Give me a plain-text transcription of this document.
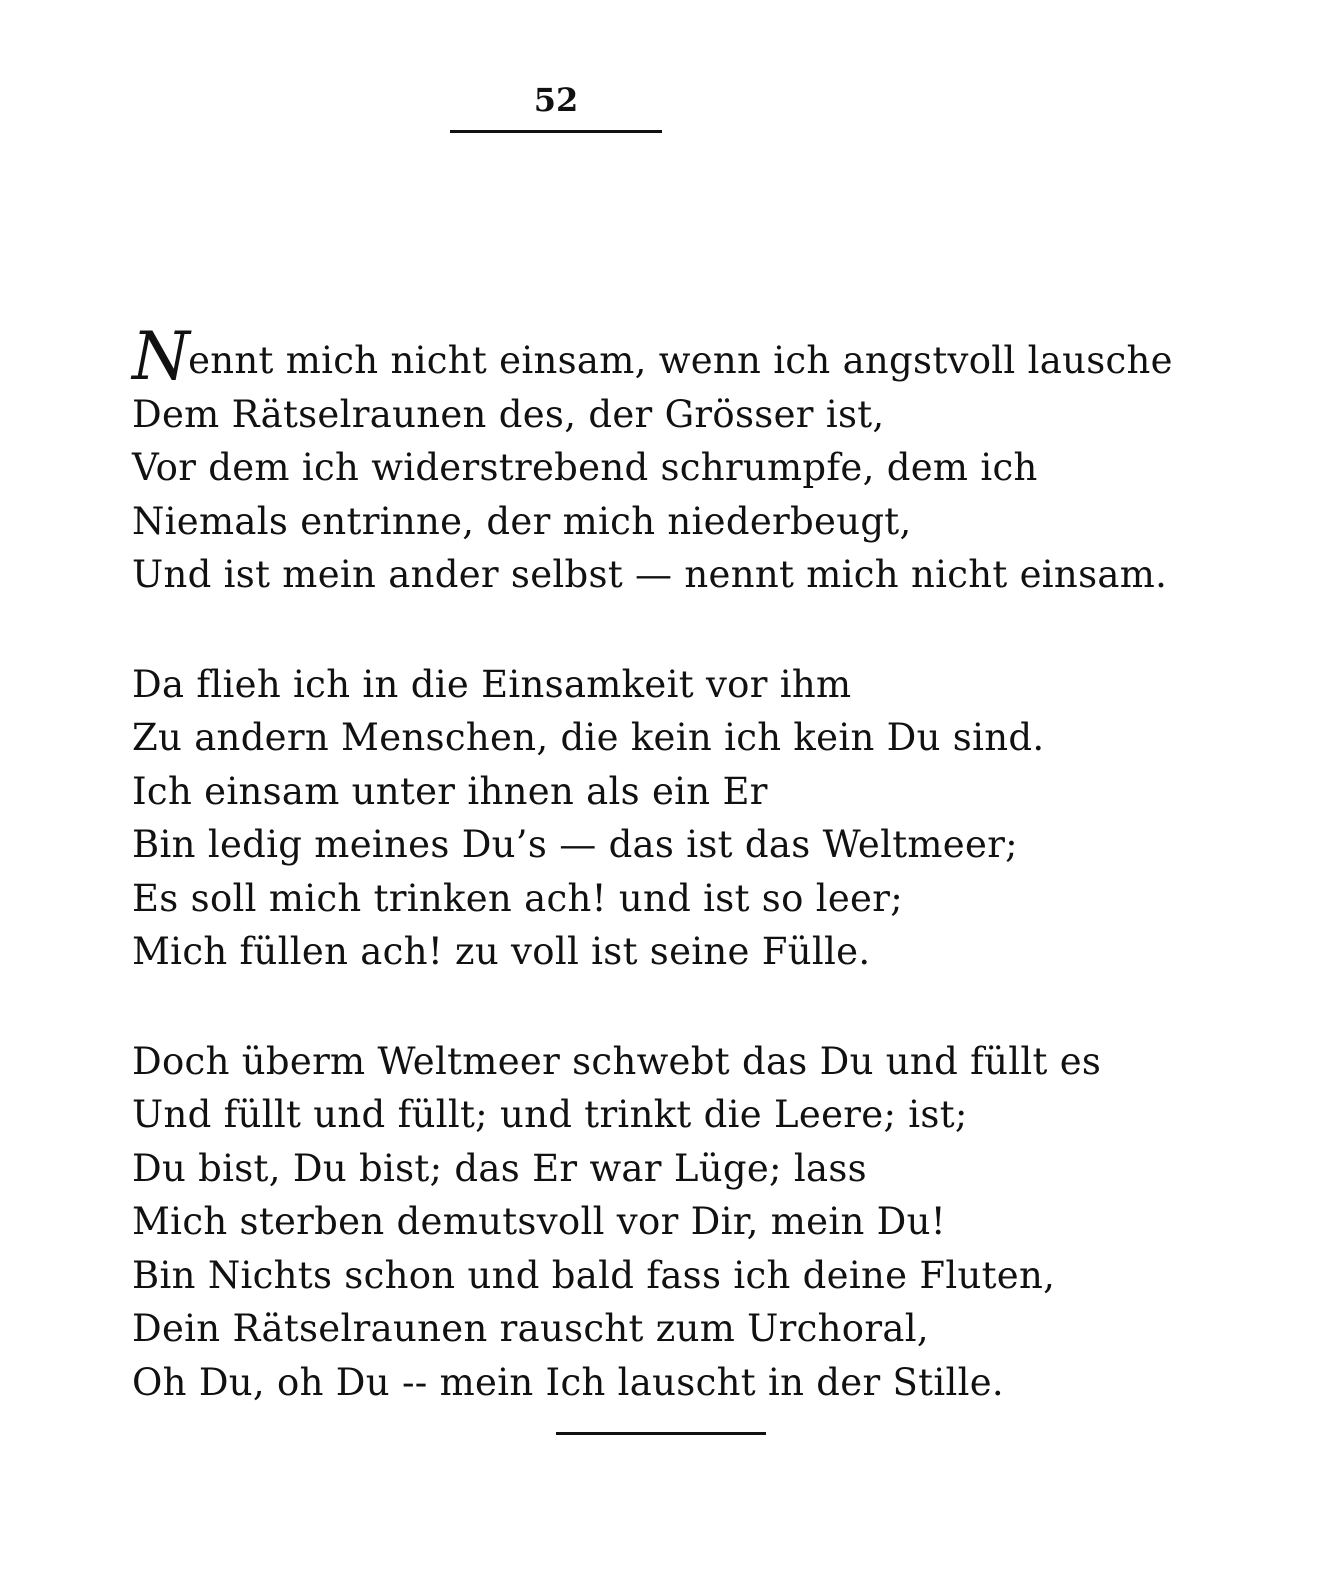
52
Nennt mich nicht einsam, wenn ich angstvoll lausche
Dem Rätselraunen des, der Grösser ist,
Vor dem ich widerstrebend schrumpfe, dem ich
Niemals entrinne, der mich niederbeugt,
Und ist mein ander selbst — nennt mich nicht einsam.
Da flieh ich in die Einsamkeit vor ihm
Zu andern Menschen, die kein ich kein Du sind.
Ich einsam unter ihnen als ein Er
Bin ledig meines Du’s — das ist das Weltmeer;
Es soll mich trinken ach! und ist so leer;
Mich füllen ach! zu voll ist seine Fülle.
Doch überm Weltmeer schwebt das Du und füllt es
Und füllt und füllt; und trinkt die Leere; ist;
Du bist, Du bist; das Er war Lüge; lass
Mich sterben demutsvoll vor Dir, mein Du!
Bin Nichts schon und bald fass ich deine Fluten,
Dein Rätselraunen rauscht zum Urchoral,
Oh Du, oh Du -- mein Ich lauscht in der Stille.
